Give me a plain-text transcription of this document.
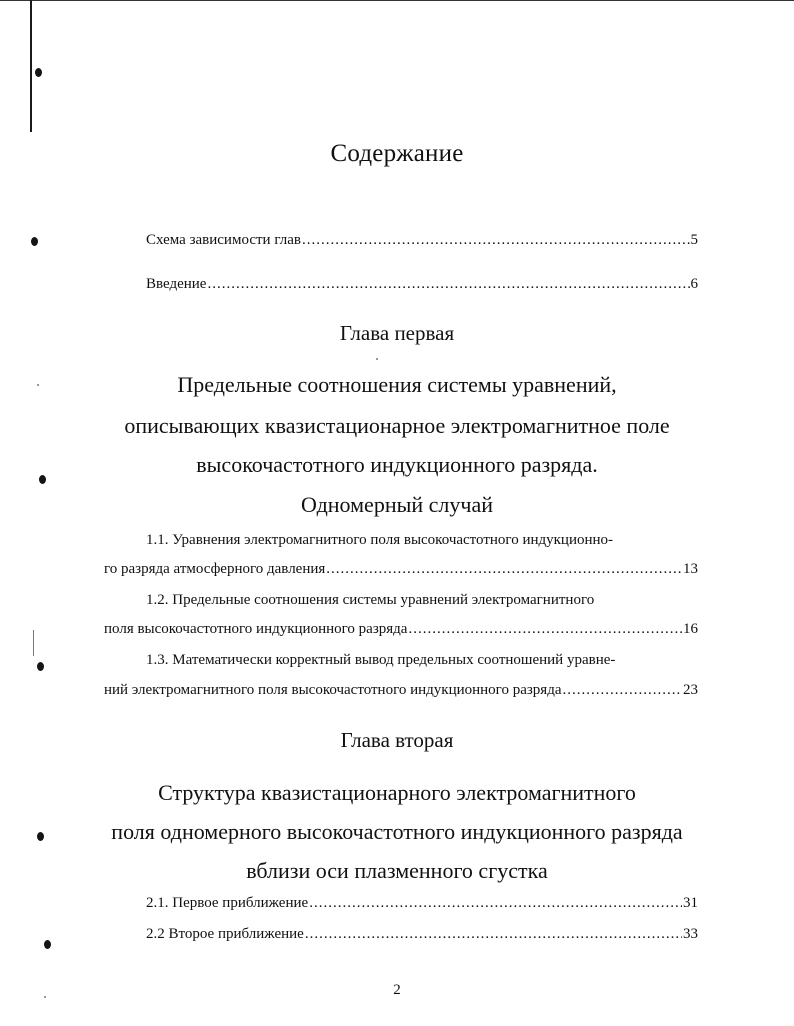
Содержание
Схема зависимости глав .....	5
Введение .....	6
Глава первая
Предельные соотношения системы уравнений,
описывающих квазистационарное электромагнитное поле
высокочастотного индукционного разряда.
Одномерный случай
1.1. Уравнения электромагнитного поля высокочастотного индукционно-
го разряда атмосферного давления .....	13
1.2. Предельные соотношения системы уравнений электромагнитного
поля высокочастотного индукционного разряда .....	16
1.3. Математически корректный вывод предельных соотношений уравне-
ний электромагнитного поля высокочастотного индукционного разряда .....	23
Глава вторая
Структура квазистационарного электромагнитного
поля одномерного высокочастотного индукционного разряда
вблизи оси плазменного сгустка
2.1. Первое приближение .....	31
2.2 Второе приближение .....	33
2
